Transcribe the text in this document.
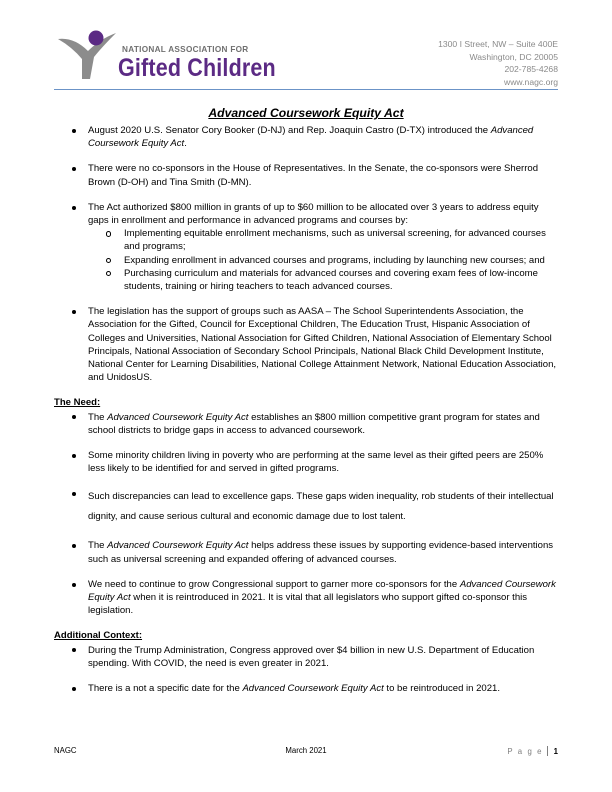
NATIONAL ASSOCIATION FOR
Gifted Children
1300 I Street, NW – Suite 400E
Washington, DC 20005
202-785-4268
www.nagc.org
Advanced Coursework Equity Act
August 2020 U.S. Senator Cory Booker (D-NJ) and Rep. Joaquin Castro (D-TX) introduced the Advanced Coursework Equity Act.
There were no co-sponsors in the House of Representatives. In the Senate, the co-sponsors were Sherrod Brown (D-OH) and Tina Smith (D-MN).
The Act authorized $800 million in grants of up to $60 million to be allocated over 3 years to address equity gaps in enrollment and performance in advanced programs and courses by:
Implementing equitable enrollment mechanisms, such as universal screening, for advanced courses and programs;
Expanding enrollment in advanced courses and programs, including by launching new courses; and
Purchasing curriculum and materials for advanced courses and covering exam fees of low-income students, training or hiring teachers to teach advanced courses.
The legislation has the support of groups such as AASA – The School Superintendents Association, the Association for the Gifted, Council for Exceptional Children, The Education Trust, Hispanic Association of Colleges and Universities, National Association for Gifted Children, National Association of Elementary School Principals, National Association of Secondary School Principals, National Black Child Development Institute, National Center for Learning Disabilities, National College Attainment Network, National Education Association, and UnidosUS.
The Need:
The Advanced Coursework Equity Act establishes an $800 million competitive grant program for states and school districts to bridge gaps in access to advanced coursework.
Some minority children living in poverty who are performing at the same level as their gifted peers are 250% less likely to be identified for and served in gifted programs.
Such discrepancies can lead to excellence gaps. These gaps widen inequality, rob students of their intellectual dignity, and cause serious cultural and economic damage due to lost talent.
The Advanced Coursework Equity Act helps address these issues by supporting evidence-based interventions such as universal screening and expanded offering of advanced courses.
We need to continue to grow Congressional support to garner more co-sponsors for the Advanced Coursework Equity Act when it is reintroduced in 2021. It is vital that all legislators who support gifted co-sponsor this legislation.
Additional Context:
During the Trump Administration, Congress approved over $4 billion in new U.S. Department of Education spending. With COVID, the need is even greater in 2021.
There is a not a specific date for the Advanced Coursework Equity Act to be reintroduced in 2021.
NAGC	March 2021	P a g e 1
